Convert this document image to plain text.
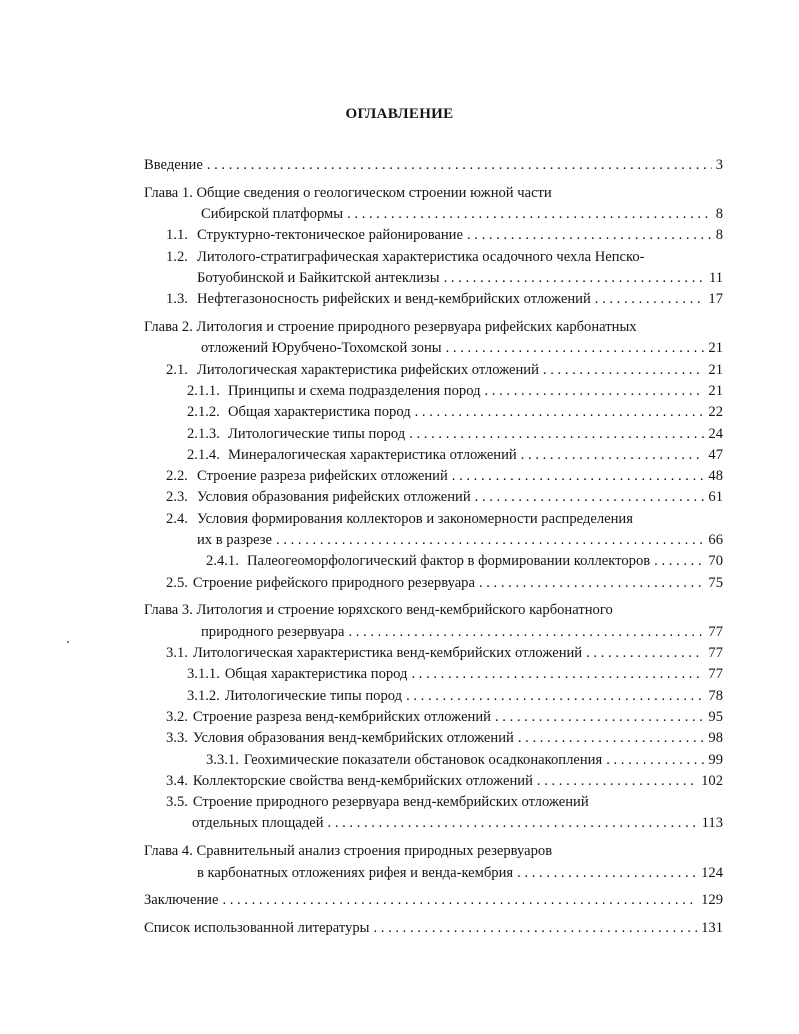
ОГЛАВЛЕНИЕ
Введение . . .	3
Глава 1. Общие сведения о геологическом строении южной части
Сибирской платформы . . .	8
1.1. Структурно-тектоническое районирование . . .	8
1.2. Литолого-стратиграфическая характеристика осадочного чехла Непско-
Ботуобинской и Байкитской антеклизы . . .	11
1.3. Нефтегазоносность рифейских и венд-кембрийских отложений . . .	17
Глава 2. Литология и строение природного резервуара рифейских карбонатных
отложений Юрубчено-Тохомской зоны . . .	21
2.1. Литологическая характеристика рифейских отложений . . .	21
2.1.1. Принципы и схема подразделения пород . . .	21
2.1.2. Общая характеристика пород . . .	22
2.1.3. Литологические типы пород . . .	24
2.1.4. Минералогическая характеристика отложений . . .	47
2.2. Строение разреза рифейских отложений . . .	48
2.3. Условия образования рифейских отложений . . .	61
2.4. Условия формирования коллекторов и закономерности распределения
их в разрезе . . .	66
2.4.1. Палеогеоморфологический фактор в формировании коллекторов . . .	70
2.5. Строение рифейского природного резервуара . . .	75
Глава 3. Литология и строение юряхского венд-кембрийского карбонатного
природного резервуара . . .	77
3.1. Литологическая характеристика венд-кембрийских отложений . . .	77
3.1.1. Общая характеристика пород . . .	77
3.1.2. Литологические типы пород . . .	78
3.2. Строение разреза венд-кембрийских отложений . . .	95
3.3. Условия образования венд-кембрийских отложений . . .	98
3.3.1. Геохимические показатели обстановок осадконакопления . . .	99
3.4. Коллекторские свойства венд-кембрийских отложений . . .	102
3.5. Строение природного резервуара венд-кембрийских отложений
отдельных площадей . . .	113
Глава 4. Сравнительный анализ строения природных резервуаров
в карбонатных отложениях рифея и венда-кембрия . . .	124
Заключение . . .	129
Список использованной литературы . . .	131
